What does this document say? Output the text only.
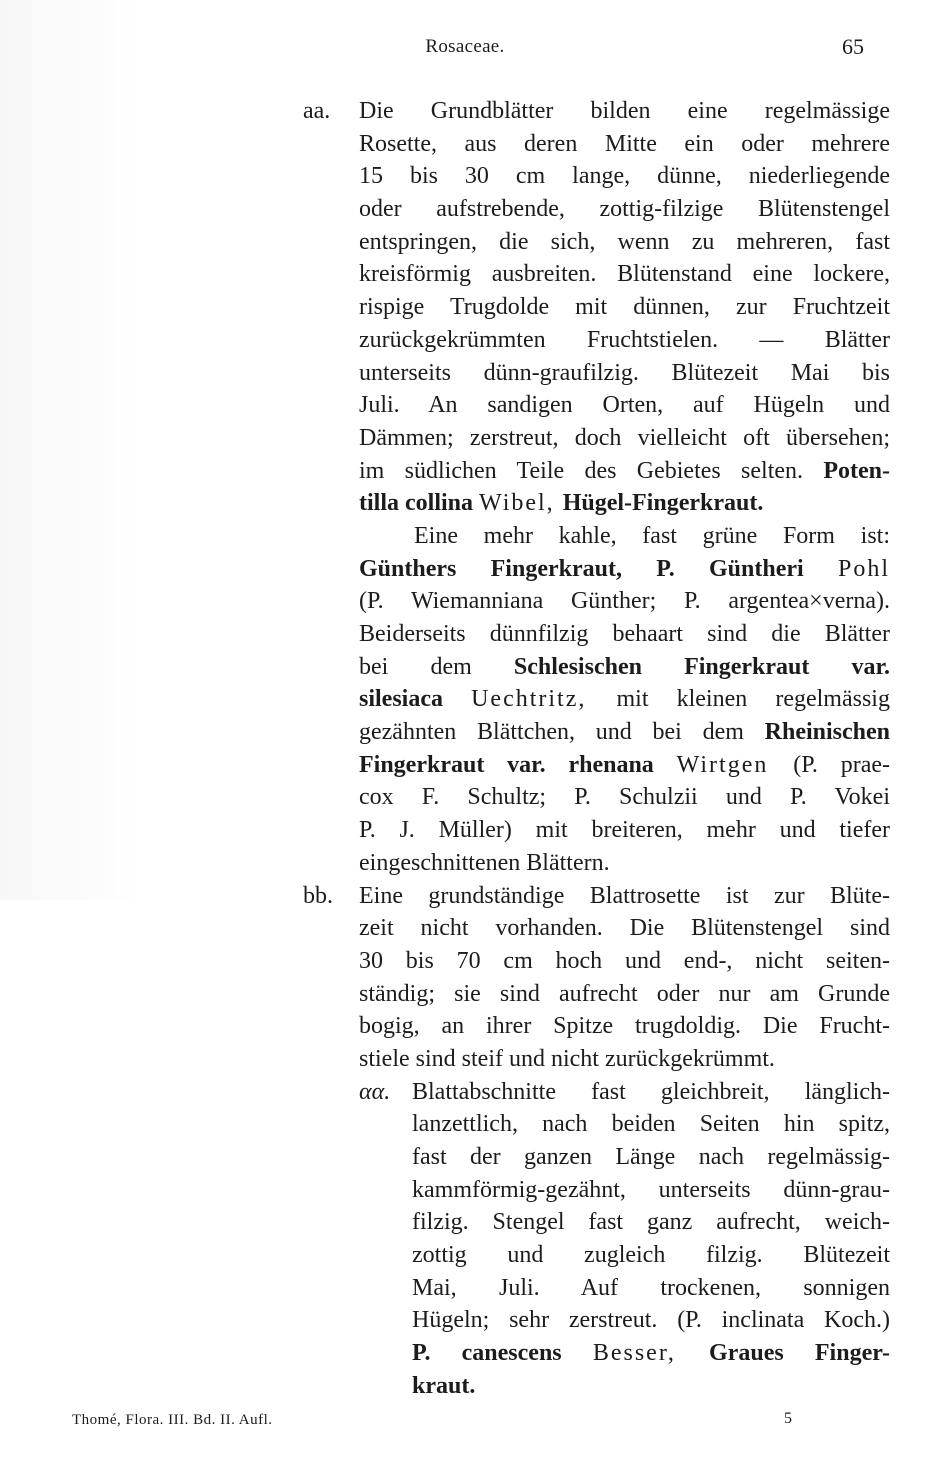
Rosaceae.	65
aa. Die Grundblätter bilden eine regelmässige
Rosette, aus deren Mitte ein oder mehrere
15 bis 30 cm lange, dünne, niederliegende
oder aufstrebende, zottig-filzige Blütenstengel
entspringen, die sich, wenn zu mehreren, fast
kreisförmig ausbreiten. Blütenstand eine lockere,
rispige Trugdolde mit dünnen, zur Fruchtzeit
zurückgekrümmten Fruchtstielen. — Blätter
unterseits dünn-graufilzig. Blütezeit Mai bis
Juli. An sandigen Orten, auf Hügeln und
Dämmen; zerstreut, doch vielleicht oft übersehen;
im südlichen Teile des Gebietes selten. Poten-
tilla collina Wibel, Hügel-Fingerkraut.
Eine mehr kahle, fast grüne Form ist:
Günthers Fingerkraut, P. Güntheri Pohl
(P. Wiemanniana Günther; P. argentea×verna).
Beiderseits dünnfilzig behaart sind die Blätter
bei dem Schlesischen Fingerkraut var.
silesiaca Uechtritz, mit kleinen regelmässig
gezähnten Blättchen, und bei dem Rheinischen
Fingerkraut var. rhenana Wirtgen (P. prae-
cox F. Schultz; P. Schulzii und P. Vokei
P. J. Müller) mit breiteren, mehr und tiefer
eingeschnittenen Blättern.
bb. Eine grundständige Blattrosette ist zur Blüte-
zeit nicht vorhanden. Die Blütenstengel sind
30 bis 70 cm hoch und end-, nicht seiten-
ständig; sie sind aufrecht oder nur am Grunde
bogig, an ihrer Spitze trugdoldig. Die Frucht-
stiele sind steif und nicht zurückgekrümmt.
αα. Blattabschnitte fast gleichbreit, länglich-
lanzettlich, nach beiden Seiten hin spitz,
fast der ganzen Länge nach regelmässig-
kammförmig-gezähnt, unterseits dünn-grau-
filzig. Stengel fast ganz aufrecht, weich-
zottig und zugleich filzig. Blütezeit
Mai, Juli. Auf trockenen, sonnigen
Hügeln; sehr zerstreut. (P. inclinata Koch.)
P. canescens Besser, Graues Finger-
kraut.
Thomé, Flora. III. Bd. II. Aufl.	5
